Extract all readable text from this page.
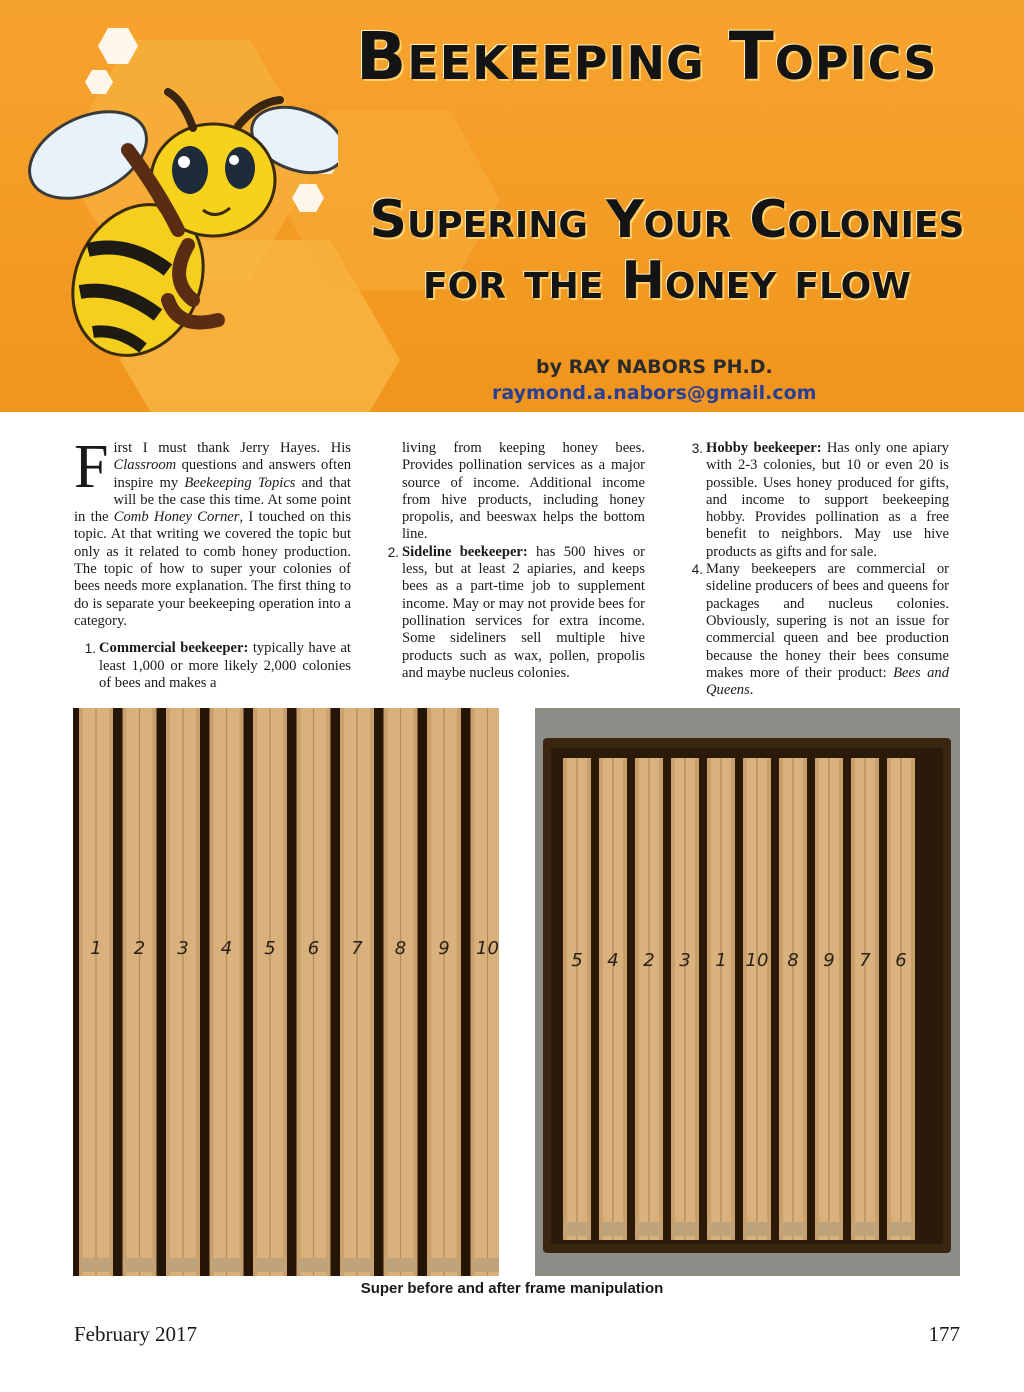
Beekeeping Topics
Supering Your Colonies
for the Honey flow
by RAY NABORS PH.D.
raymond.a.nabors@gmail.com

First I must thank Jerry Hayes. His Classroom questions and answers often inspire my Beekeeping Topics and that will be the case this time. At some point in the Comb Honey Corner, I touched on this topic. At that writing we covered the topic but only as it related to comb honey production. The topic of how to super your colonies of bees needs more explanation. The first thing to do is separate your beekeeping operation into a category.

1. Commercial beekeeper: typically have at least 1,000 or more likely 2,000 colonies of bees and makes a
living from keeping honey bees. Provides pollination services as a major source of income. Additional income from hive products, including honey propolis, and beeswax helps the bottom line.
2. Sideline beekeeper: has 500 hives or less, but at least 2 apiaries, and keeps bees as a part-time job to supplement income. May or may not provide bees for pollination services for extra income. Some sideliners sell multiple hive products such as wax, pollen, propolis and maybe nucleus colonies.
3. Hobby beekeeper: Has only one apiary with 2-3 colonies, but 10 or even 20 is possible. Uses honey produced for gifts, and income to support beekeeping hobby. Provides pollination as a free benefit to neighbors. May use hive products as gifts and for sale.
4. Many beekeepers are commercial or sideline producers of bees and queens for packages and nucleus colonies. Obviously, supering is not an issue for commercial queen and bee production because the honey their bees consume makes more of their product: Bees and Queens.
1 2 3 4 5 6 7 8 9 10
5 4 2 3 1 10 8 9 7 6
Super before and after frame manipulation
February 2017	177
